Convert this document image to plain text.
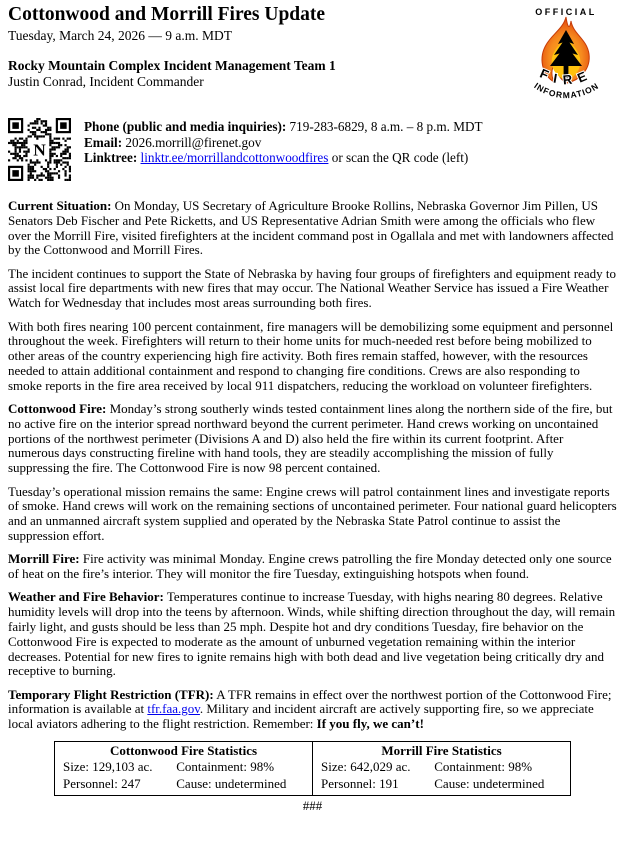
Cottonwood and Morrill Fires Update
Tuesday, March 24, 2026 — 9 a.m. MDT
Rocky Mountain Complex Incident Management Team 1
Justin Conrad, Incident Commander
OFFICIAL
FIRE
INFORMATION
N
Phone (public and media inquiries): 719-283-6829, 8 a.m. – 8 p.m. MDT
Email: 2026.morrill@firenet.gov
Linktree: linktr.ee/morrillandcottonwoodfires or scan the QR code (left)

Current Situation: On Monday, US Secretary of Agriculture Brooke Rollins, Nebraska Governor Jim Pillen, US Senators Deb Fischer and Pete Ricketts, and US Representative Adrian Smith were among the officials who flew over the Morrill Fire, visited firefighters at the incident command post in Ogallala and met with landowners affected by the Cottonwood and Morrill Fires.

The incident continues to support the State of Nebraska by having four groups of firefighters and equipment ready to assist local fire departments with new fires that may occur. The National Weather Service has issued a Fire Weather Watch for Wednesday that includes most areas surrounding both fires.

With both fires nearing 100 percent containment, fire managers will be demobilizing some equipment and personnel throughout the week. Firefighters will return to their home units for much-needed rest before being mobilized to other areas of the country experiencing high fire activity. Both fires remain staffed, however, with the resources needed to attain additional containment and respond to changing fire conditions. Crews are also responding to smoke reports in the fire area received by local 911 dispatchers, reducing the workload on volunteer firefighters.

Cottonwood Fire: Monday’s strong southerly winds tested containment lines along the northern side of the fire, but no active fire on the interior spread northward beyond the current perimeter. Hand crews working on uncontained portions of the northwest perimeter (Divisions A and D) also held the fire within its current footprint. After numerous days constructing fireline with hand tools, they are steadily accomplishing the mission of fully suppressing the fire. The Cottonwood Fire is now 98 percent contained.

Tuesday’s operational mission remains the same: Engine crews will patrol containment lines and investigate reports of smoke. Hand crews will work on the remaining sections of uncontained perimeter. Four national guard helicopters and an unmanned aircraft system supplied and operated by the Nebraska State Patrol continue to assist the suppression effort.

Morrill Fire: Fire activity was minimal Monday. Engine crews patrolling the fire Monday detected only one source of heat on the fire’s interior. They will monitor the fire Tuesday, extinguishing hotspots when found.

Weather and Fire Behavior: Temperatures continue to increase Tuesday, with highs nearing 80 degrees. Relative humidity levels will drop into the teens by afternoon. Winds, while shifting direction throughout the day, will remain fairly light, and gusts should be less than 25 mph. Despite hot and dry conditions Tuesday, fire behavior on the Cottonwood Fire is expected to moderate as the amount of unburned vegetation remaining within the interior decreases. Potential for new fires to ignite remains high with both dead and live vegetation being critically dry and receptive to burning.

Temporary Flight Restriction (TFR): A TFR remains in effect over the northwest portion of the Cottonwood Fire; information is available at tfr.faa.gov. Military and incident aircraft are actively supporting fire, so we appreciate local aviators adhering to the flight restriction. Remember: If you fly, we can’t!

Cottonwood Fire Statistics
Size: 129,103 ac.	Containment: 98%
Personnel: 247	Cause: undetermined

Morrill Fire Statistics
Size: 642,029 ac.	Containment: 98%
Personnel: 191	Cause: undetermined
###
